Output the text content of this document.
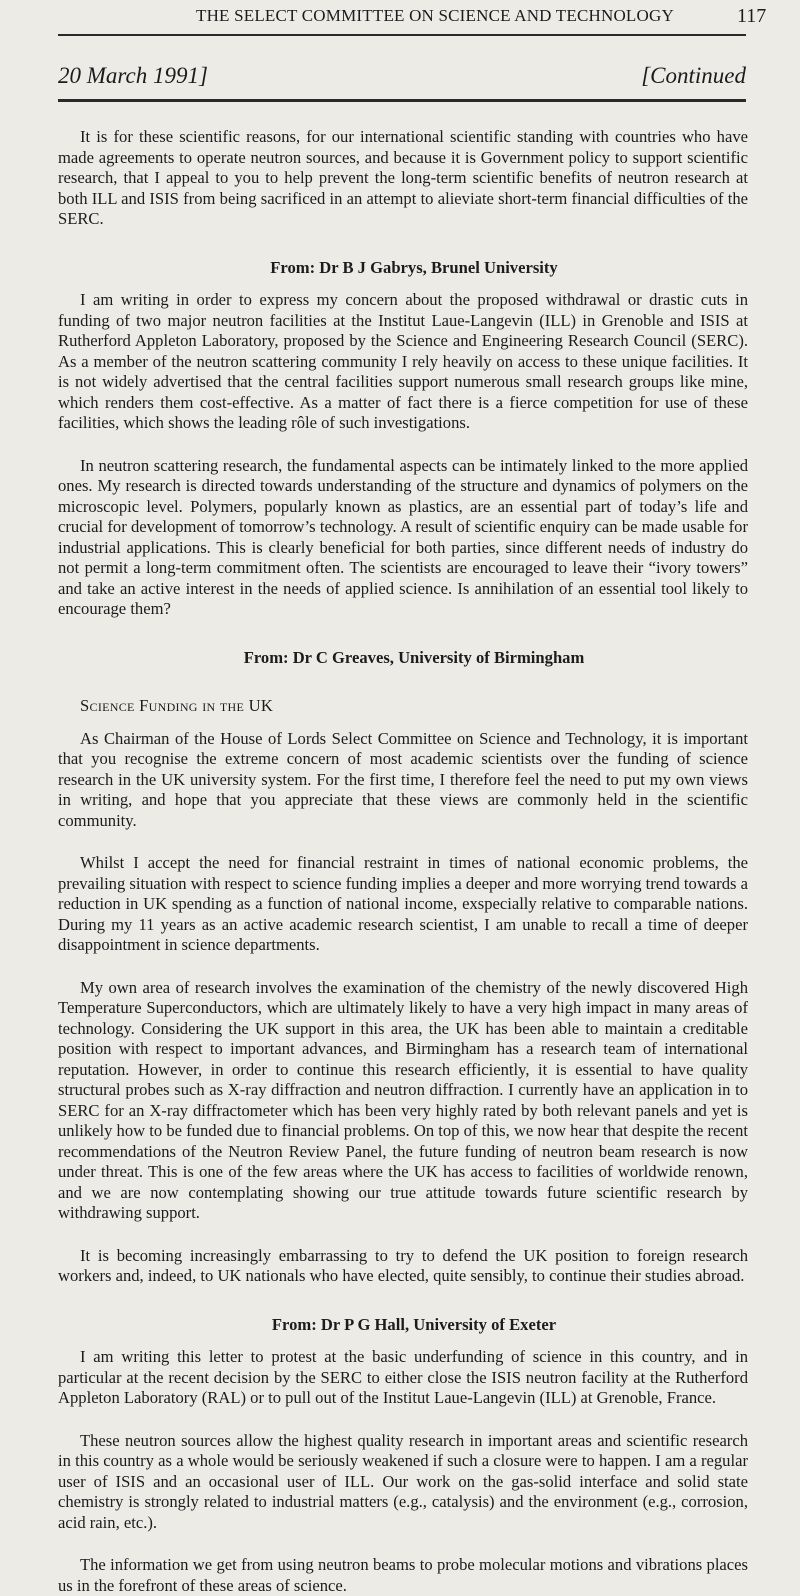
THE SELECT COMMITTEE ON SCIENCE AND TECHNOLOGY	117
20 March 1991]	[Continued

It is for these scientific reasons, for our international scientific standing with countries who have made agreements to operate neutron sources, and because it is Government policy to support scientific research, that I appeal to you to help prevent the long-term scientific benefits of neutron research at both ILL and ISIS from being sacrificed in an attempt to alieviate short-term financial difficulties of the SERC.

From: Dr B J Gabrys, Brunel University

I am writing in order to express my concern about the proposed withdrawal or drastic cuts in funding of two major neutron facilities at the Institut Laue-Langevin (ILL) in Grenoble and ISIS at Rutherford Appleton Laboratory, proposed by the Science and Engineering Research Council (SERC). As a member of the neutron scattering community I rely heavily on access to these unique facilities. It is not widely advertised that the central facilities support numerous small research groups like mine, which renders them cost-effective. As a matter of fact there is a fierce competition for use of these facilities, which shows the leading rôle of such investigations.

In neutron scattering research, the fundamental aspects can be intimately linked to the more applied ones. My research is directed towards understanding of the structure and dynamics of polymers on the microscopic level. Polymers, popularly known as plastics, are an essential part of today’s life and crucial for development of tomorrow’s technology. A result of scientific enquiry can be made usable for industrial applications. This is clearly beneficial for both parties, since different needs of industry do not permit a long-term commitment often. The scientists are encouraged to leave their “ivory towers” and take an active interest in the needs of applied science. Is annihilation of an essential tool likely to encourage them?

From: Dr C Greaves, University of Birmingham

Science Funding in the UK

As Chairman of the House of Lords Select Committee on Science and Technology, it is important that you recognise the extreme concern of most academic scientists over the funding of science research in the UK university system. For the first time, I therefore feel the need to put my own views in writing, and hope that you appreciate that these views are commonly held in the scientific community.

Whilst I accept the need for financial restraint in times of national economic problems, the prevailing situation with respect to science funding implies a deeper and more worrying trend towards a reduction in UK spending as a function of national income, exspecially relative to comparable nations. During my 11 years as an active academic research scientist, I am unable to recall a time of deeper disappointment in science departments.

My own area of research involves the examination of the chemistry of the newly discovered High Temperature Superconductors, which are ultimately likely to have a very high impact in many areas of technology. Considering the UK support in this area, the UK has been able to maintain a creditable position with respect to important advances, and Birmingham has a research team of international reputation. However, in order to continue this research efficiently, it is essential to have quality structural probes such as X-ray diffraction and neutron diffraction. I currently have an application in to SERC for an X-ray diffractometer which has been very highly rated by both relevant panels and yet is unlikely how to be funded due to financial problems. On top of this, we now hear that despite the recent recommendations of the Neutron Review Panel, the future funding of neutron beam research is now under threat. This is one of the few areas where the UK has access to facilities of worldwide renown, and we are now contemplating showing our true attitude towards future scientific research by withdrawing support.

It is becoming increasingly embarrassing to try to defend the UK position to foreign research workers and, indeed, to UK nationals who have elected, quite sensibly, to continue their studies abroad.

From: Dr P G Hall, University of Exeter

I am writing this letter to protest at the basic underfunding of science in this country, and in particular at the recent decision by the SERC to either close the ISIS neutron facility at the Rutherford Appleton Laboratory (RAL) or to pull out of the Institut Laue-Langevin (ILL) at Grenoble, France.

These neutron sources allow the highest quality research in important areas and scientific research in this country as a whole would be seriously weakened if such a closure were to happen. I am a regular user of ISIS and an occasional user of ILL. Our work on the gas-solid interface and solid state chemistry is strongly related to industrial matters (e.g., catalysis) and the environment (e.g., corrosion, acid rain, etc.).

The information we get from using neutron beams to probe molecular motions and vibrations places us in the forefront of these areas of science.
